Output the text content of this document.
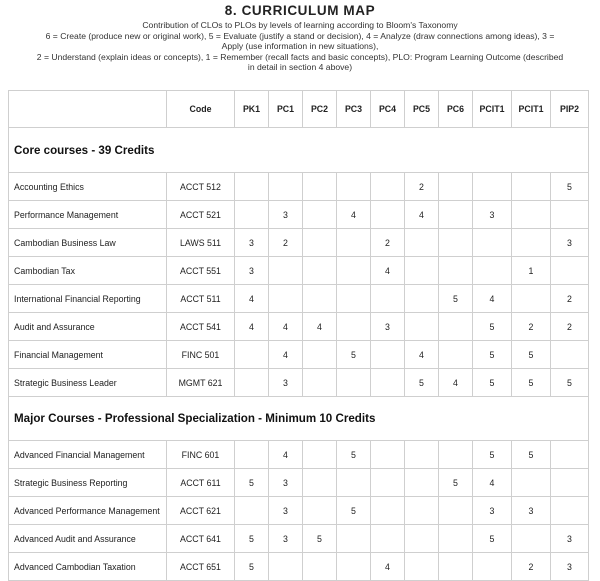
8. CURRICULUM MAP
Contribution of CLOs to PLOs by levels of learning according to Bloom's Taxonomy
6 = Create (produce new or original work), 5 = Evaluate (justify a stand or decision), 4 = Analyze (draw connections among ideas), 3 =
Apply (use information in new situations),
2 = Understand (explain ideas or concepts), 1 = Remember (recall facts and basic concepts), PLO: Program Learning Outcome (described
in detail in section 4 above)
	Code	PK1	PC1	PC2	PC3	PC4	PC5	PC6	PCIT1	PCIT1	PIP2
Core courses - 39 Credits											
Accounting Ethics	ACCT 512						2				5
Performance Management	ACCT 521		3		4		4		3		
Cambodian Business Law	LAWS 511	3	2			2					3
Cambodian Tax	ACCT 551	3				4				1	
International Financial Reporting	ACCT 511	4						5	4		2
Audit and Assurance	ACCT 541	4	4	4		3			5	2	2
Financial Management	FINC 501		4		5		4		5	5	
Strategic Business Leader	MGMT 621		3				5	4	5	5	5
Major Courses - Professional Specialization - Minimum 10 Credits											
Advanced Financial Management	FINC 601		4		5				5	5	
Strategic Business Reporting	ACCT 611	5	3					5	4		
Advanced Performance Management	ACCT 621		3		5				3	3	
Advanced Audit and Assurance	ACCT 641	5	3	5					5		3
Advanced Cambodian Taxation	ACCT 651	5				4				2	3
